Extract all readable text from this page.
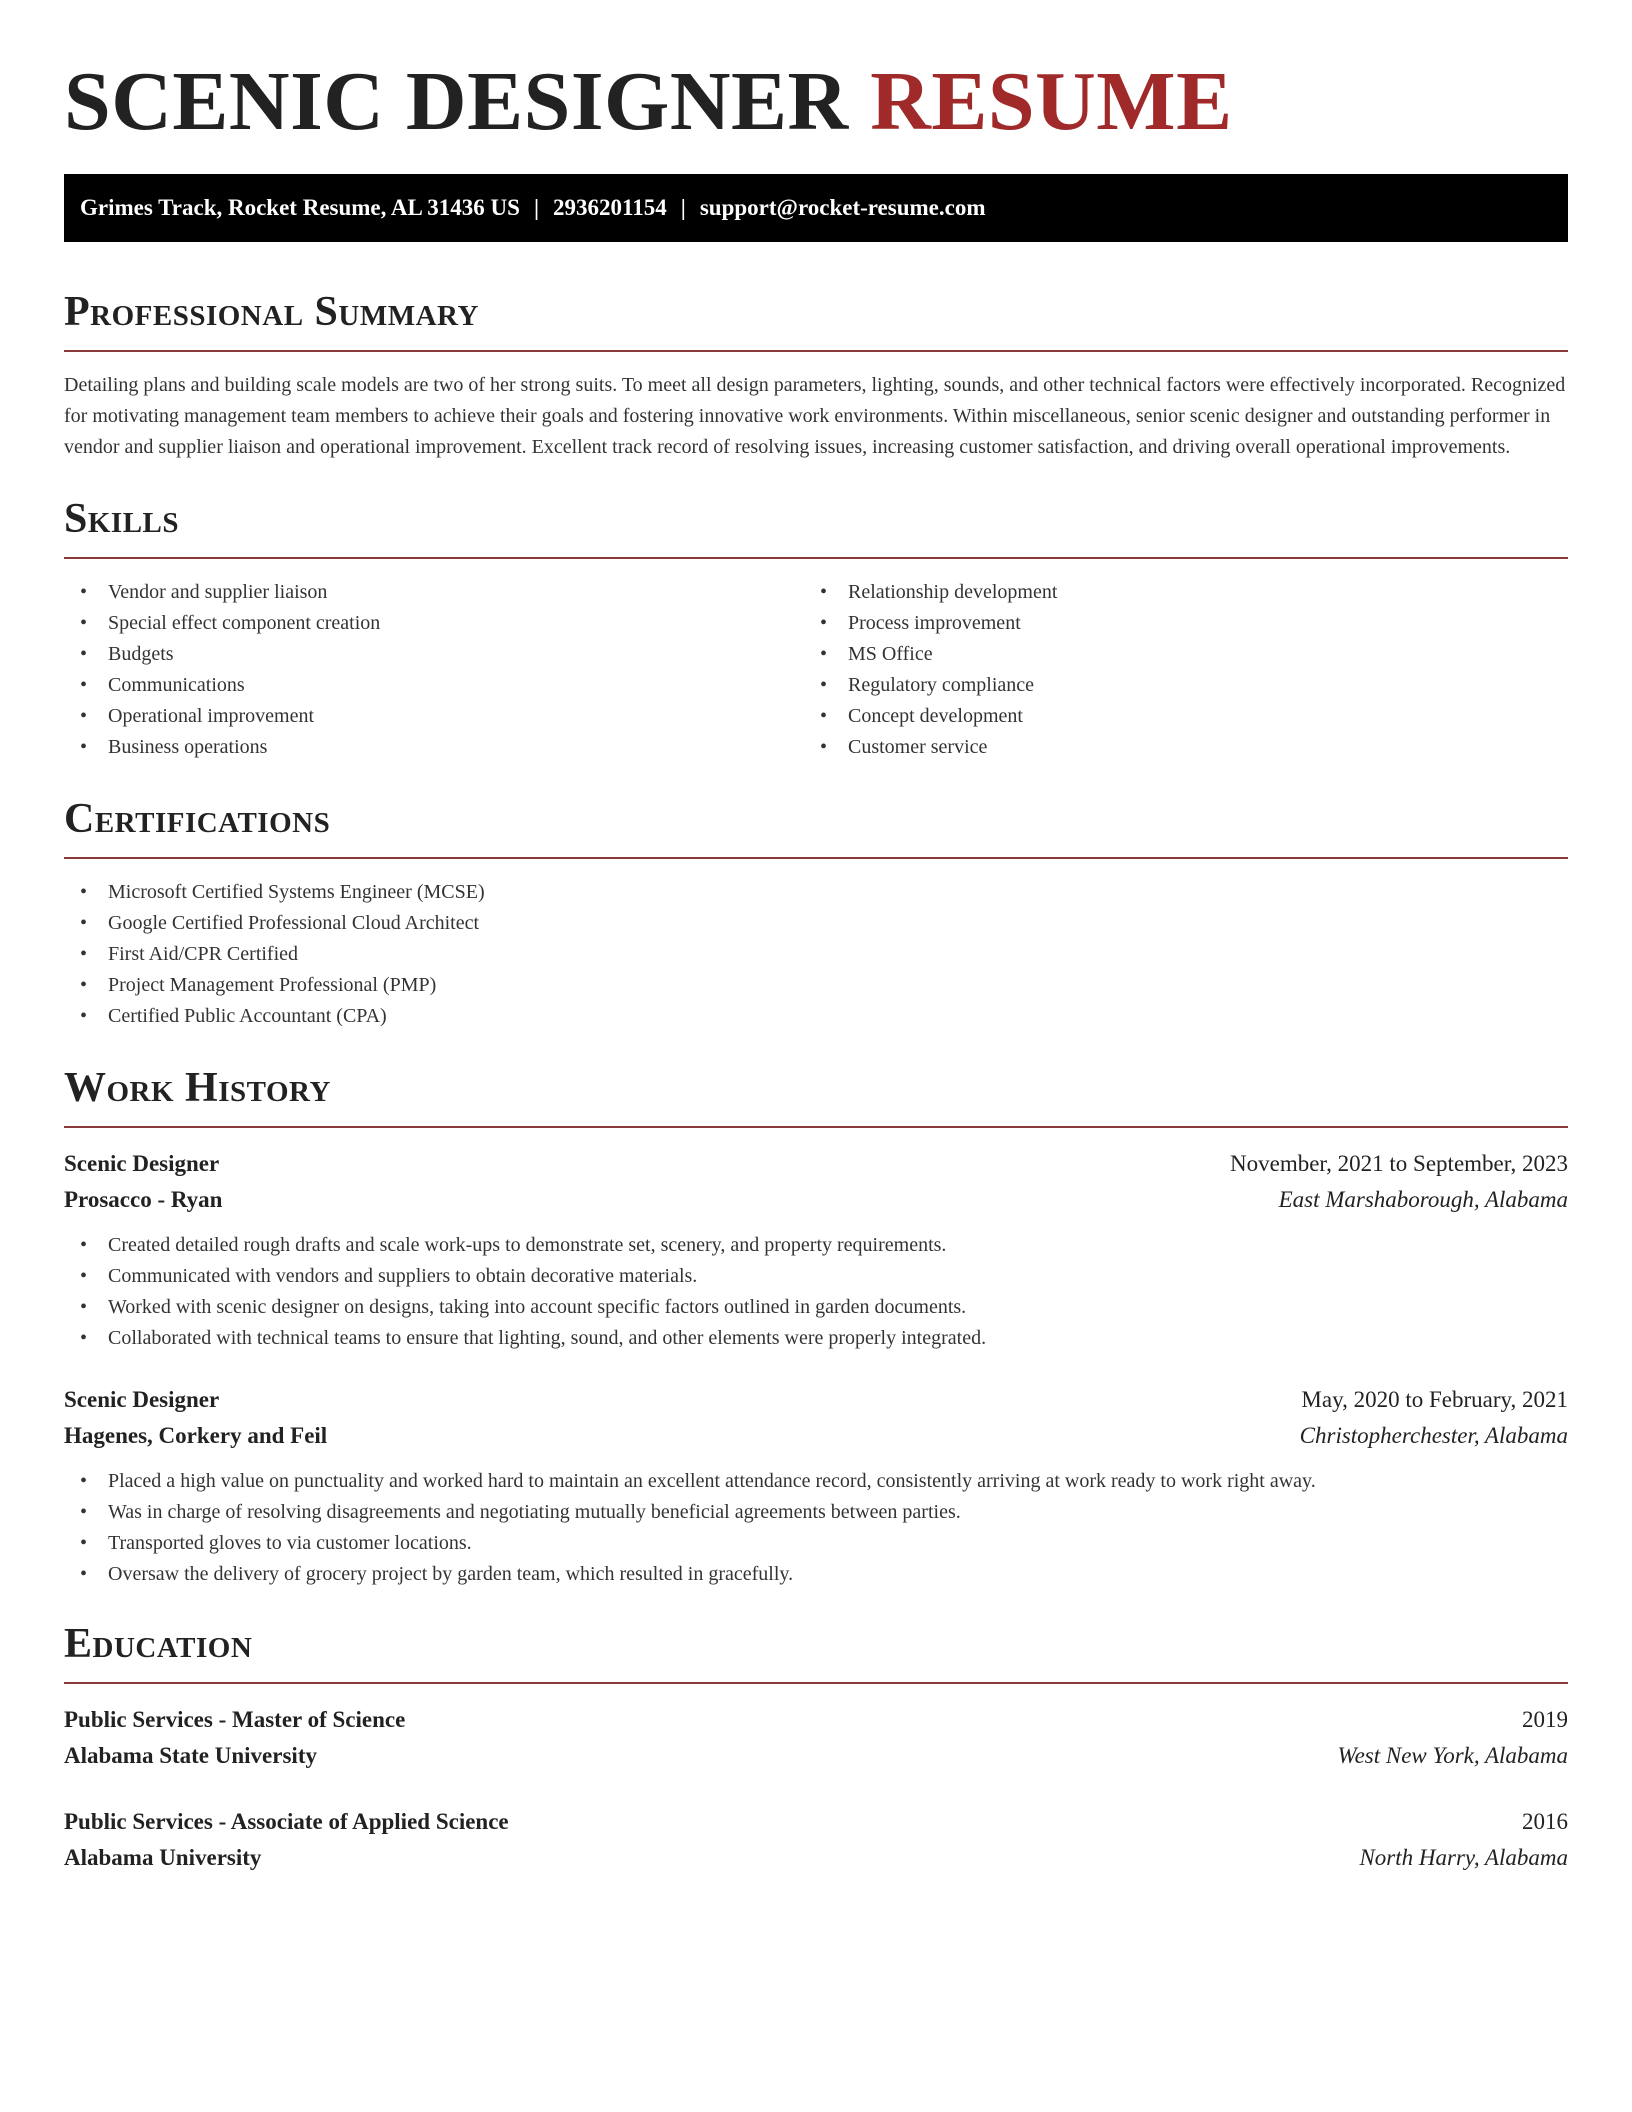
SCENIC DESIGNER RESUME
Grimes Track, Rocket Resume, AL 31436 US | 2936201154 | support@rocket-resume.com
Professional Summary

Detailing plans and building scale models are two of her strong suits. To meet all design parameters, lighting, sounds, and other technical factors were effectively incorporated. Recognized for motivating management team members to achieve their goals and fostering innovative work environments. Within miscellaneous, senior scenic designer and outstanding performer in vendor and supplier liaison and operational improvement. Excellent track record of resolving issues, increasing customer satisfaction, and driving overall operational improvements.

Skills
• Vendor and supplier liaison
• Special effect component creation
• Budgets
• Communications
• Operational improvement
• Business operations
• Relationship development
• Process improvement
• MS Office
• Regulatory compliance
• Concept development
• Customer service
Certifications
• Microsoft Certified Systems Engineer (MCSE)
• Google Certified Professional Cloud Architect
• First Aid/CPR Certified
• Project Management Professional (PMP)
• Certified Public Accountant (CPA)
Work History
Scenic Designer	November, 2021 to September, 2023
Prosacco - Ryan	East Marshaborough, Alabama
• Created detailed rough drafts and scale work-ups to demonstrate set, scenery, and property requirements.
• Communicated with vendors and suppliers to obtain decorative materials.
• Worked with scenic designer on designs, taking into account specific factors outlined in garden documents.
• Collaborated with technical teams to ensure that lighting, sound, and other elements were properly integrated.
Scenic Designer	May, 2020 to February, 2021
Hagenes, Corkery and Feil	Christopherchester, Alabama
• Placed a high value on punctuality and worked hard to maintain an excellent attendance record, consistently arriving at work ready to work right away.
• Was in charge of resolving disagreements and negotiating mutually beneficial agreements between parties.
• Transported gloves to via customer locations.
• Oversaw the delivery of grocery project by garden team, which resulted in gracefully.
Education
Public Services - Master of Science	2019
Alabama State University	West New York, Alabama
Public Services - Associate of Applied Science	2016
Alabama University	North Harry, Alabama
